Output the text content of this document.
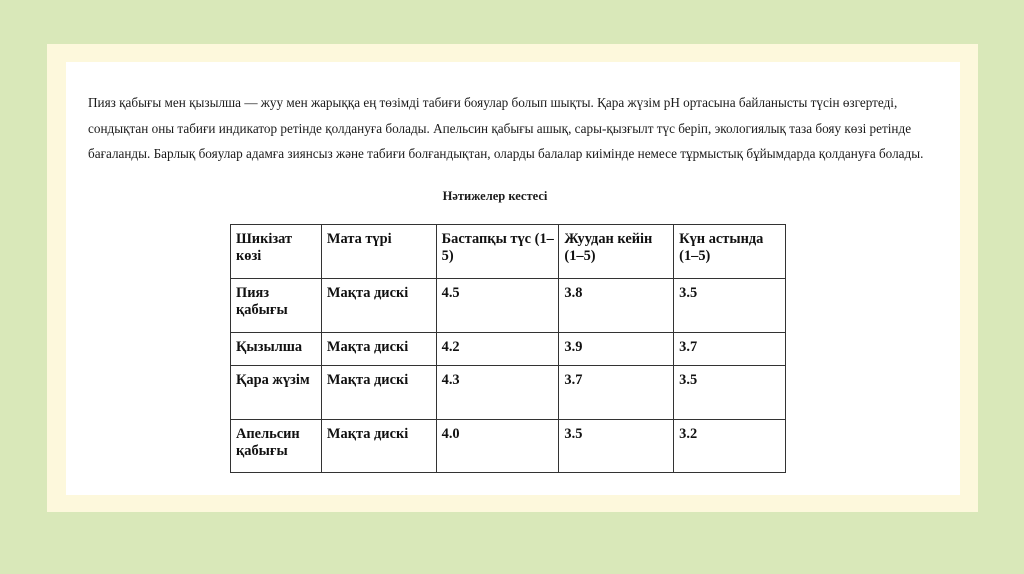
Пияз қабығы мен қызылша — жуу мен жарыққа ең төзімді табиғи бояулар болып шықты. Қара жүзім pH ортасына байланысты түсін өзгертеді, сондықтан оны табиғи индикатор ретінде қолдануға болады. Апельсин қабығы ашық, сары-қызғылт түс беріп, экологиялық таза бояу көзі ретінде бағаланды. Барлық бояулар адамға зиянсыз және табиғи болғандықтан, оларды балалар киімінде немесе тұрмыстық бұйымдарда қолдануға болады.

Нәтижелер кестесі
Шикізат көзі	Мата түрі	Бастапқы түс (1–5)	Жуудан кейін (1–5)	Күн астында (1–5)
Пияз қабығы	Мақта дискі	4.5	3.8	3.5
Қызылша	Мақта дискі	4.2	3.9	3.7
Қара жүзім	Мақта дискі	4.3	3.7	3.5
Апельсин қабығы	Мақта дискі	4.0	3.5	3.2
